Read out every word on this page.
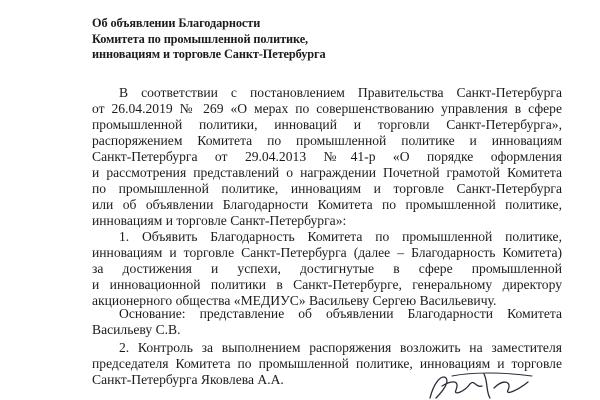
Об объявлении Благодарности
Комитета по промышленной политике,
инновациям и торговле Санкт-Петербурга
В соответствии с постановлением Правительства Санкт-Петербурга
от 26.04.2019 № 269 «О мерах по совершенствованию управления в сфере
промышленной политики, инноваций и торговли Санкт-Петербурга»,
распоряжением Комитета по промышленной политике и инновациям
Санкт-Петербурга от 29.04.2013 №41-р «О порядке оформления
и рассмотрения представлений о награждении Почетной грамотой Комитета
по промышленной политике, инновациям и торговле Санкт-Петербурга
или об объявлении Благодарности Комитета по промышленной политике,
инновациям и торговле Санкт-Петербурга»:
1. Объявить Благодарность Комитета по промышленной политике,
инновациям и торговле Санкт-Петербурга (далее – Благодарность Комитета)
за достижения и успехи, достигнутые в сфере промышленной
и инновационной политики в Санкт-Петербурге, генеральному директору
акционерного общества «МЕДИУС» Васильеву Сергею Васильевичу.
Основание: представление об объявлении Благодарности Комитета
Васильеву С.В.
2. Контроль за выполнением распоряжения возложить на заместителя
председателя Комитета по промышленной политике, инновациям и торговле
Санкт-Петербурга Яковлева А.А.
